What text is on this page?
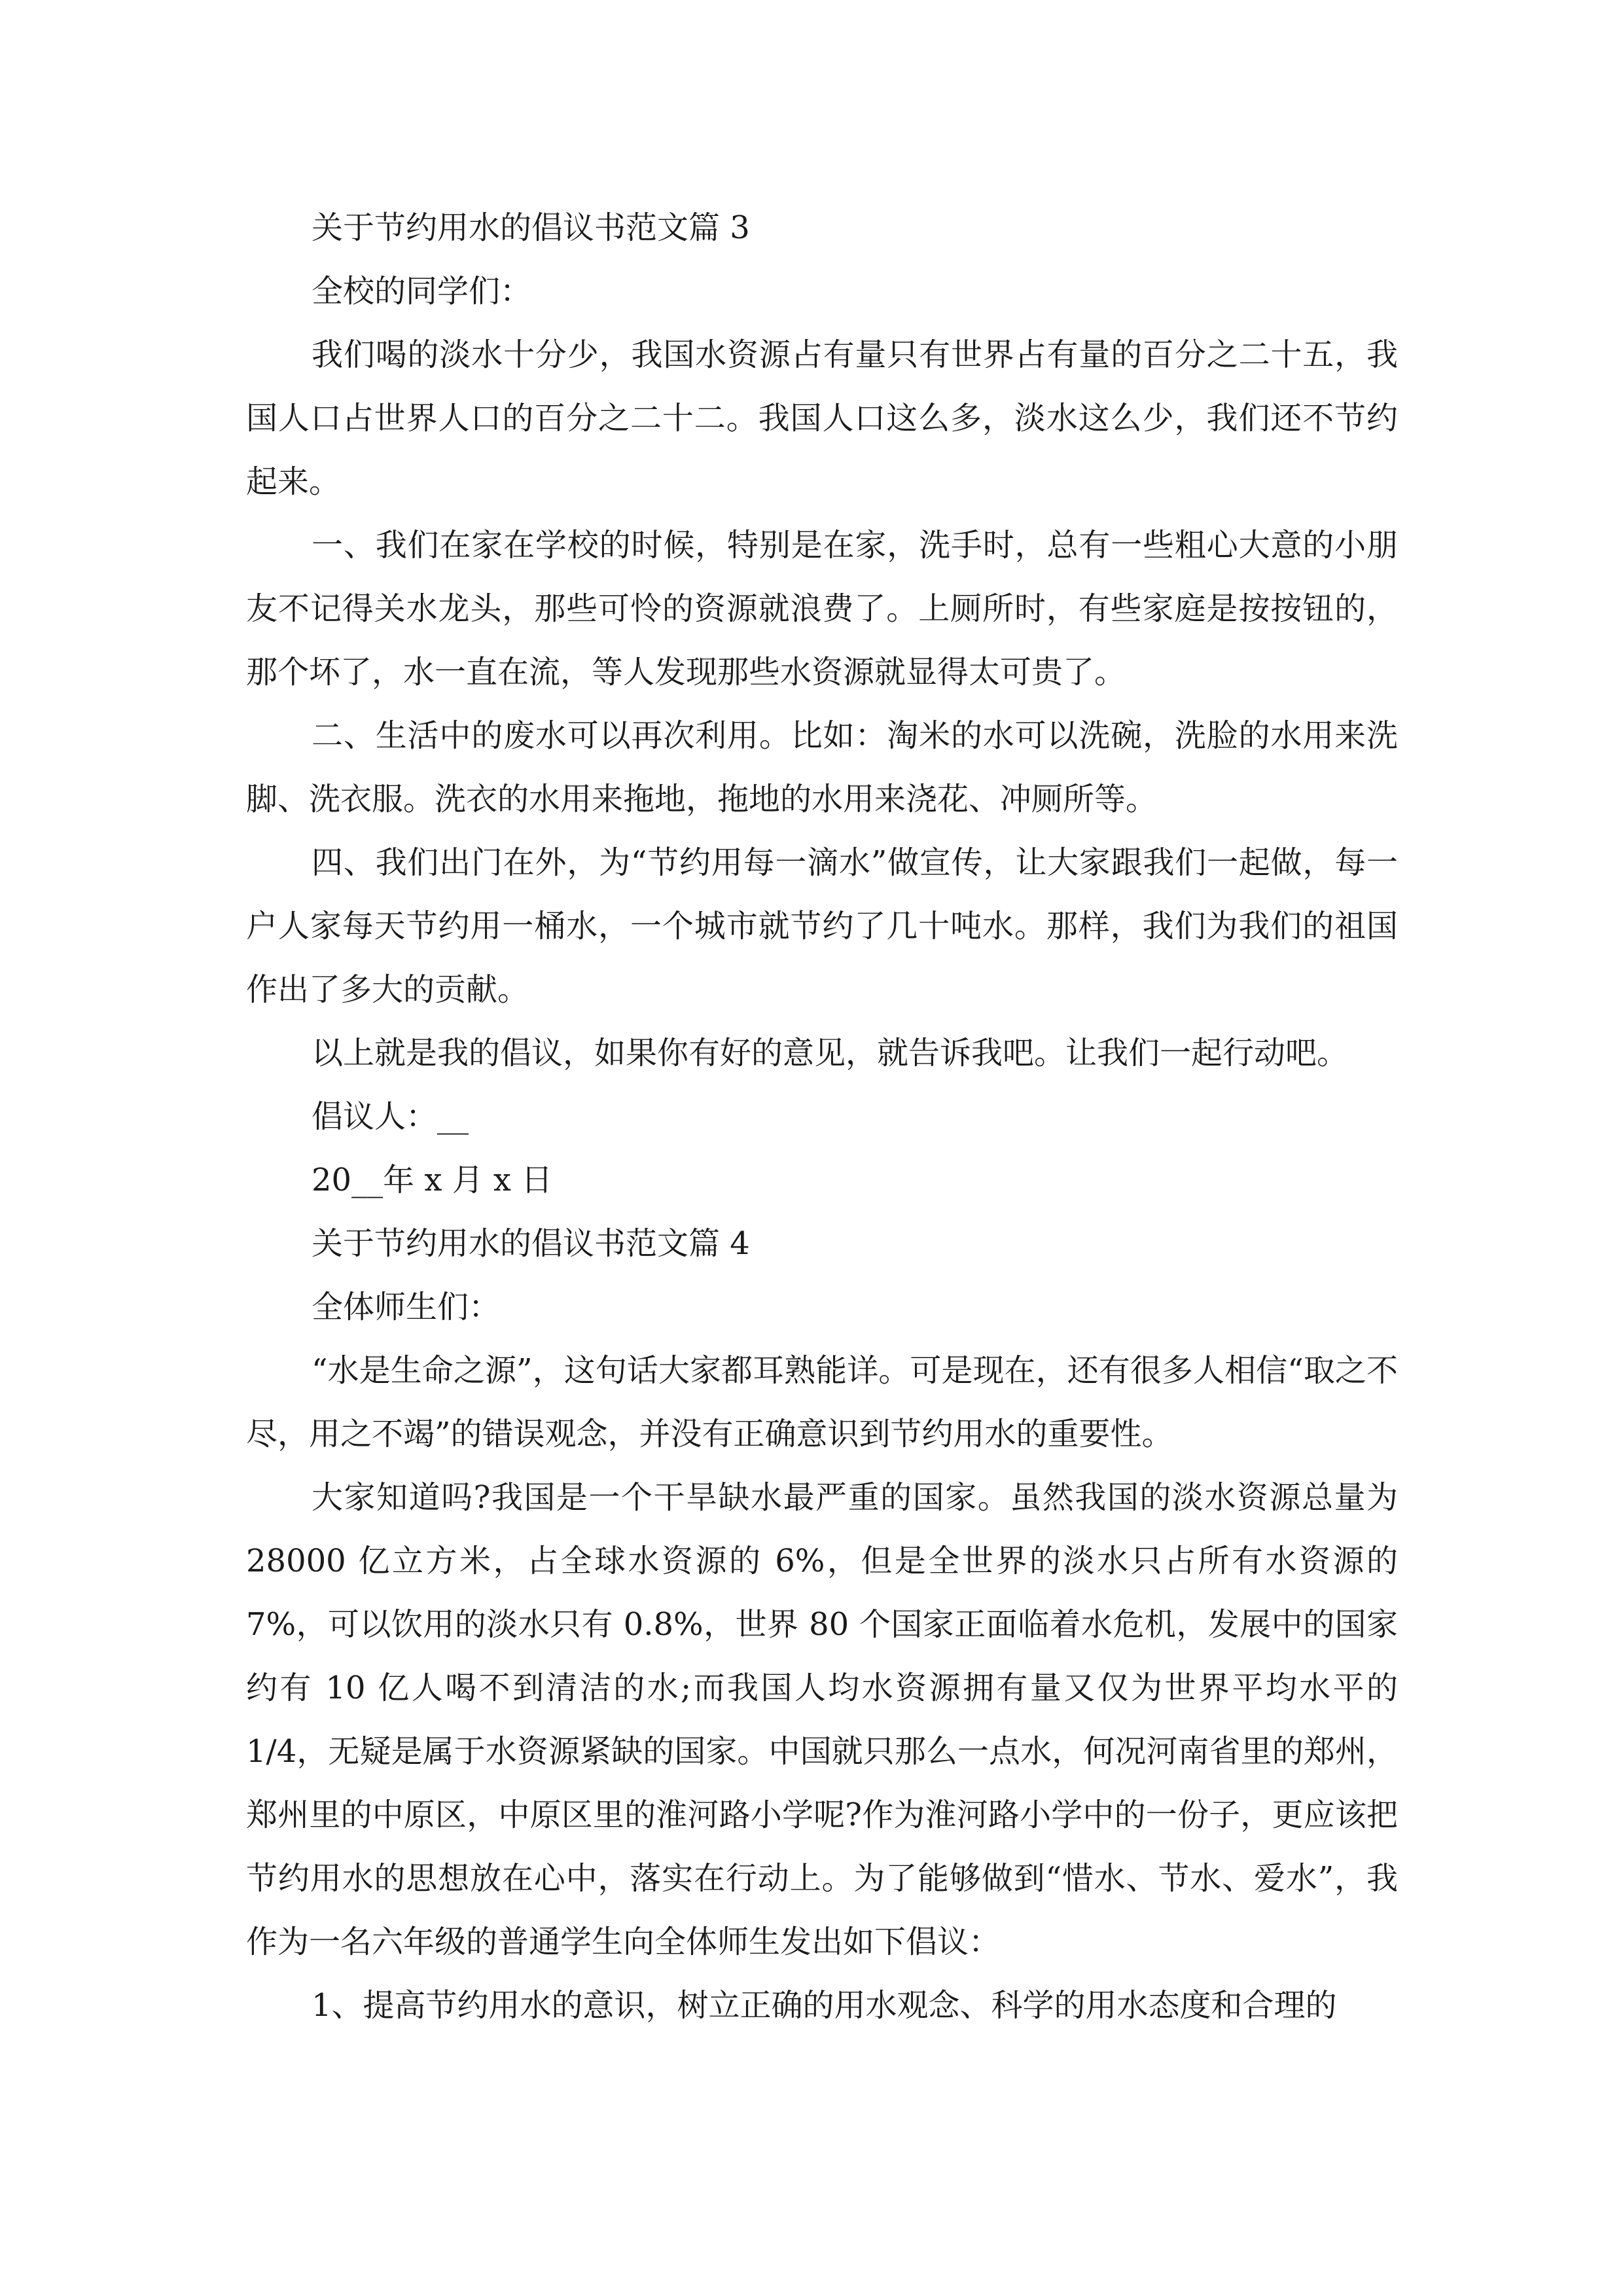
关于节约用水的倡议书范文篇 3
全校的同学们：

我们喝的淡水十分少，我国水资源占有量只有世界占有量的百分之二十五，我国人口占世界人口的百分之二十二。我国人口这么多，淡水这么少，我们还不节约起来。

一、我们在家在学校的时候，特别是在家，洗手时，总有一些粗心大意的小朋友不记得关水龙头，那些可怜的资源就浪费了。上厕所时，有些家庭是按按钮的，那个坏了，水一直在流，等人发现那些水资源就显得太可贵了。

二、生活中的废水可以再次利用。比如：淘米的水可以洗碗，洗脸的水用来洗脚、洗衣服。洗衣的水用来拖地，拖地的水用来浇花、冲厕所等。

四、我们出门在外，为“节约用每一滴水”做宣传，让大家跟我们一起做，每一户人家每天节约用一桶水，一个城市就节约了几十吨水。那样，我们为我们的祖国作出了多大的贡献。

以上就是我的倡议，如果你有好的意见，就告诉我吧。让我们一起行动吧。

倡议人：__
20__年 x 月 x 日
关于节约用水的倡议书范文篇 4
全体师生们：

“水是生命之源”，这句话大家都耳熟能详。可是现在，还有很多人相信“取之不尽，用之不竭”的错误观念，并没有正确意识到节约用水的重要性。

大家知道吗?我国是一个干旱缺水最严重的国家。虽然我国的淡水资源总量为 28000 亿立方米，占全球水资源的 6%，但是全世界的淡水只占所有水资源的 7%，可以饮用的淡水只有 0.8%，世界 80 个国家正面临着水危机，发展中的国家约有 10 亿人喝不到清洁的水;而我国人均水资源拥有量又仅为世界平均水平的 1/4，无疑是属于水资源紧缺的国家。中国就只那么一点水，何况河南省里的郑州，郑州里的中原区，中原区里的淮河路小学呢?作为淮河路小学中的一份子，更应该把节约用水的思想放在心中，落实在行动上。为了能够做到“惜水、节水、爱水”，我作为一名六年级的普通学生向全体师生发出如下倡议：

1、提高节约用水的意识，树立正确的用水观念、科学的用水态度和合理的
